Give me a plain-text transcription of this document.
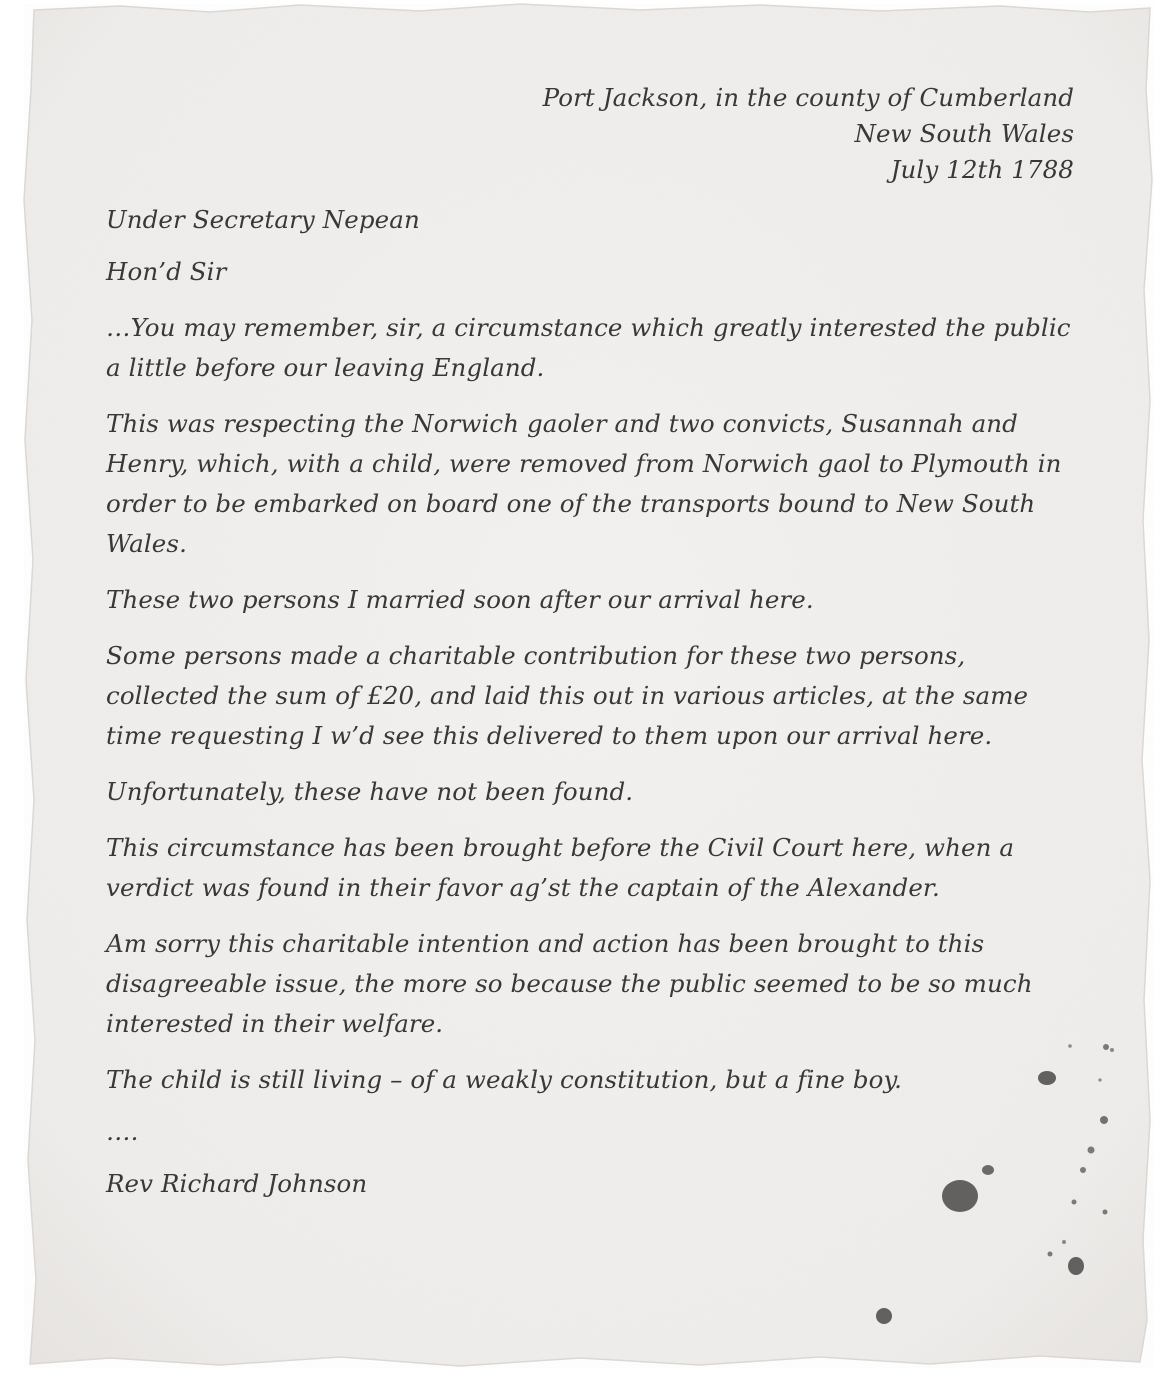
Port Jackson, in the county of Cumberland
New South Wales
July 12th 1788

Under Secretary Nepean

Hon’d Sir

…You may remember, sir, a circumstance which greatly interested the public a little before our leaving England.

This was respecting the Norwich gaoler and two convicts, Susannah and Henry, which, with a child, were removed from Norwich gaol to Plymouth in order to be embarked on board one of the transports bound to New South Wales.

These two persons I married soon after our arrival here.

Some persons made a charitable contribution for these two persons, collected the sum of £20, and laid this out in various articles, at the same time requesting I w’d see this delivered to them upon our arrival here.

Unfortunately, these have not been found.

This circumstance has been brought before the Civil Court here, when a verdict was found in their favor ag’st the captain of the Alexander.

Am sorry this charitable intention and action has been brought to this disagreeable issue, the more so because the public seemed to be so much interested in their welfare.

The child is still living – of a weakly constitution, but a fine boy.

….

Rev Richard Johnson
